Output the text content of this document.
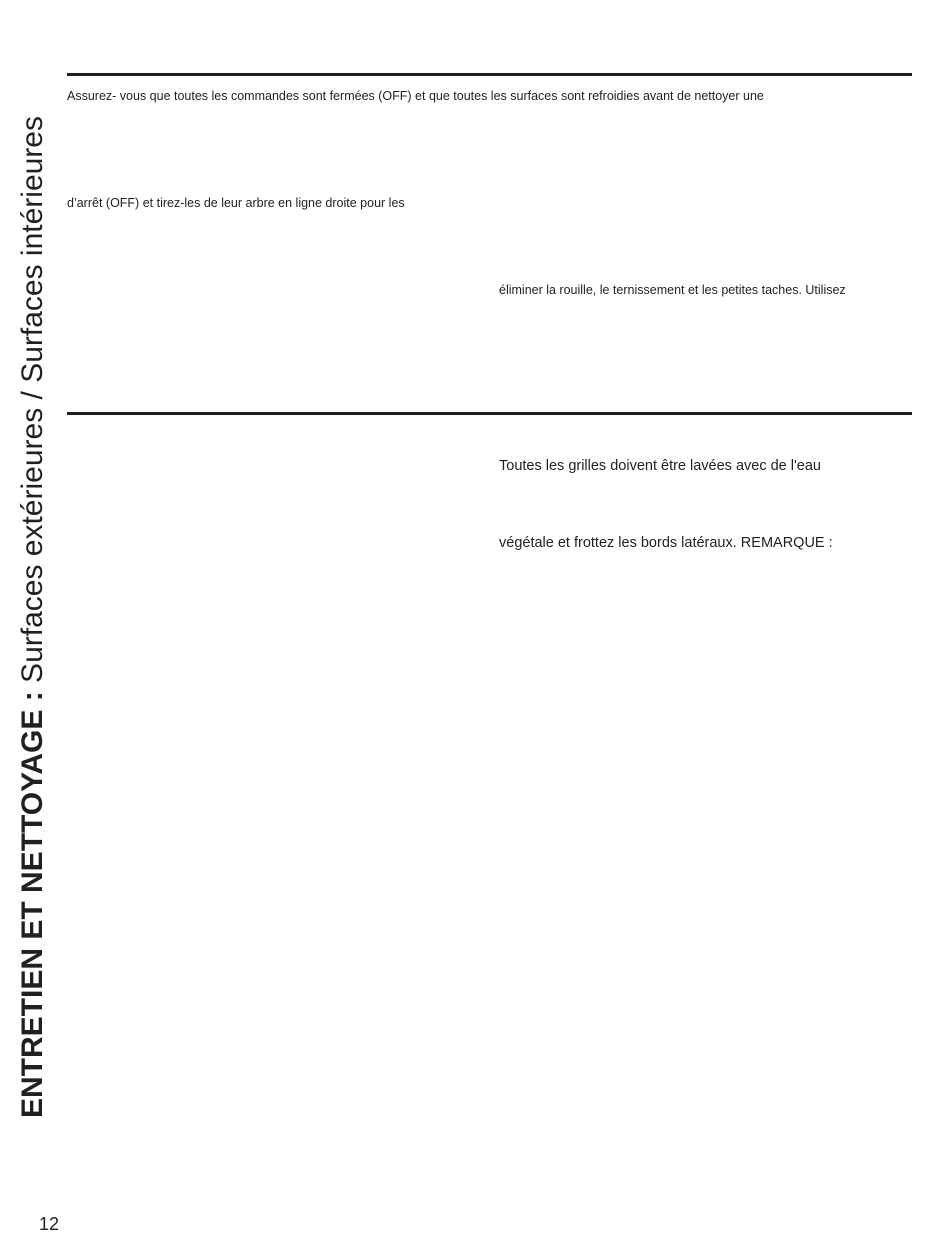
ENTRETIEN ET NETTOYAGE : Surfaces extérieures / Surfaces intérieures
Assurez- vous que toutes les commandes sont fermées (OFF) et que toutes les surfaces sont refroidies avant de nettoyer une
d’arrêt (OFF) et tirez-les de leur arbre en ligne droite pour les
éliminer la rouille, le ternissement et les petites taches. Utilisez
Toutes les grilles doivent être lavées avec de l'eau
végétale et frottez les bords latéraux. REMARQUE :
12
